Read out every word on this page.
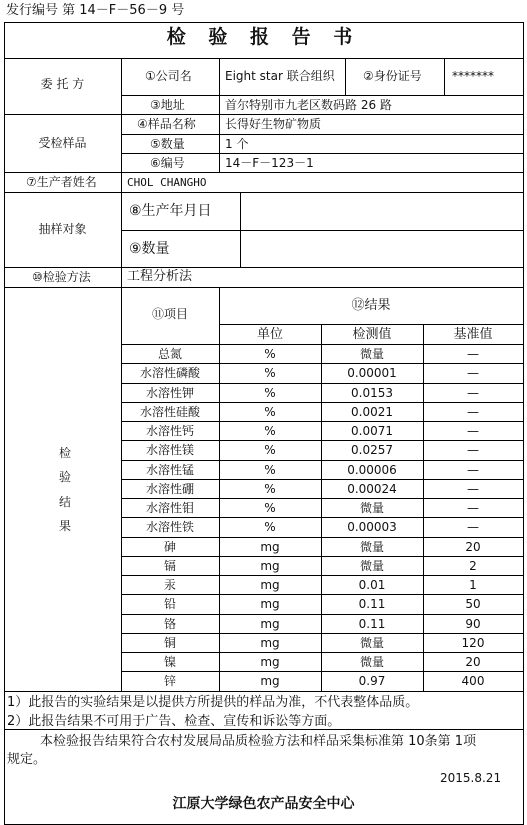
发行编号 第 14－F－56－9 号
检 验 报 告 书
委 托 方
①公司名	Eight star 联合组织 ②身份证号	*******
③地址	首尔特别市九老区数码路 26 路
受检样品
④样品名称 长得好生物矿物质
⑤数量	1 个
⑥编号	14－F－123－1
⑦生产者姓名	CHOL CHANGHO
抽样对象
⑧生产年月日
⑨数量
⑩检验方法	工程分析法
检
验
结
果
⑪项目
⑫结果
单位	检测值	基准值
1）此报告的实验结果是以提供方所提供的样品为准，不代表整体品质。
2）此报告结果不可用于广告、检查、宣传和诉讼等方面。
本检验报告结果符合农村发展局品质检验方法和样品采集标准第 10条第 1项
规定。
2015.8.21
江原大学绿色农产品安全中心
总氮	%	微量	—
水溶性磷酸	%	0.00001	—
水溶性钾	%	0.0153	—
水溶性硅酸	%	0.0021	—
水溶性钙	%	0.0071	—
水溶性镁	%	0.0257	—
水溶性锰	%	0.00006	—
水溶性硼	%	0.00024	—
水溶性钼	%	微量	—
水溶性铁	%	0.00003	—
砷	mg	微量	20
镉	mg	微量	2
汞	mg	0.01	1
铅	mg	0.11	50
铬	mg	0.11	90
铜	mg	微量	120
镍	mg	微量	20
锌	mg	0.97	400
